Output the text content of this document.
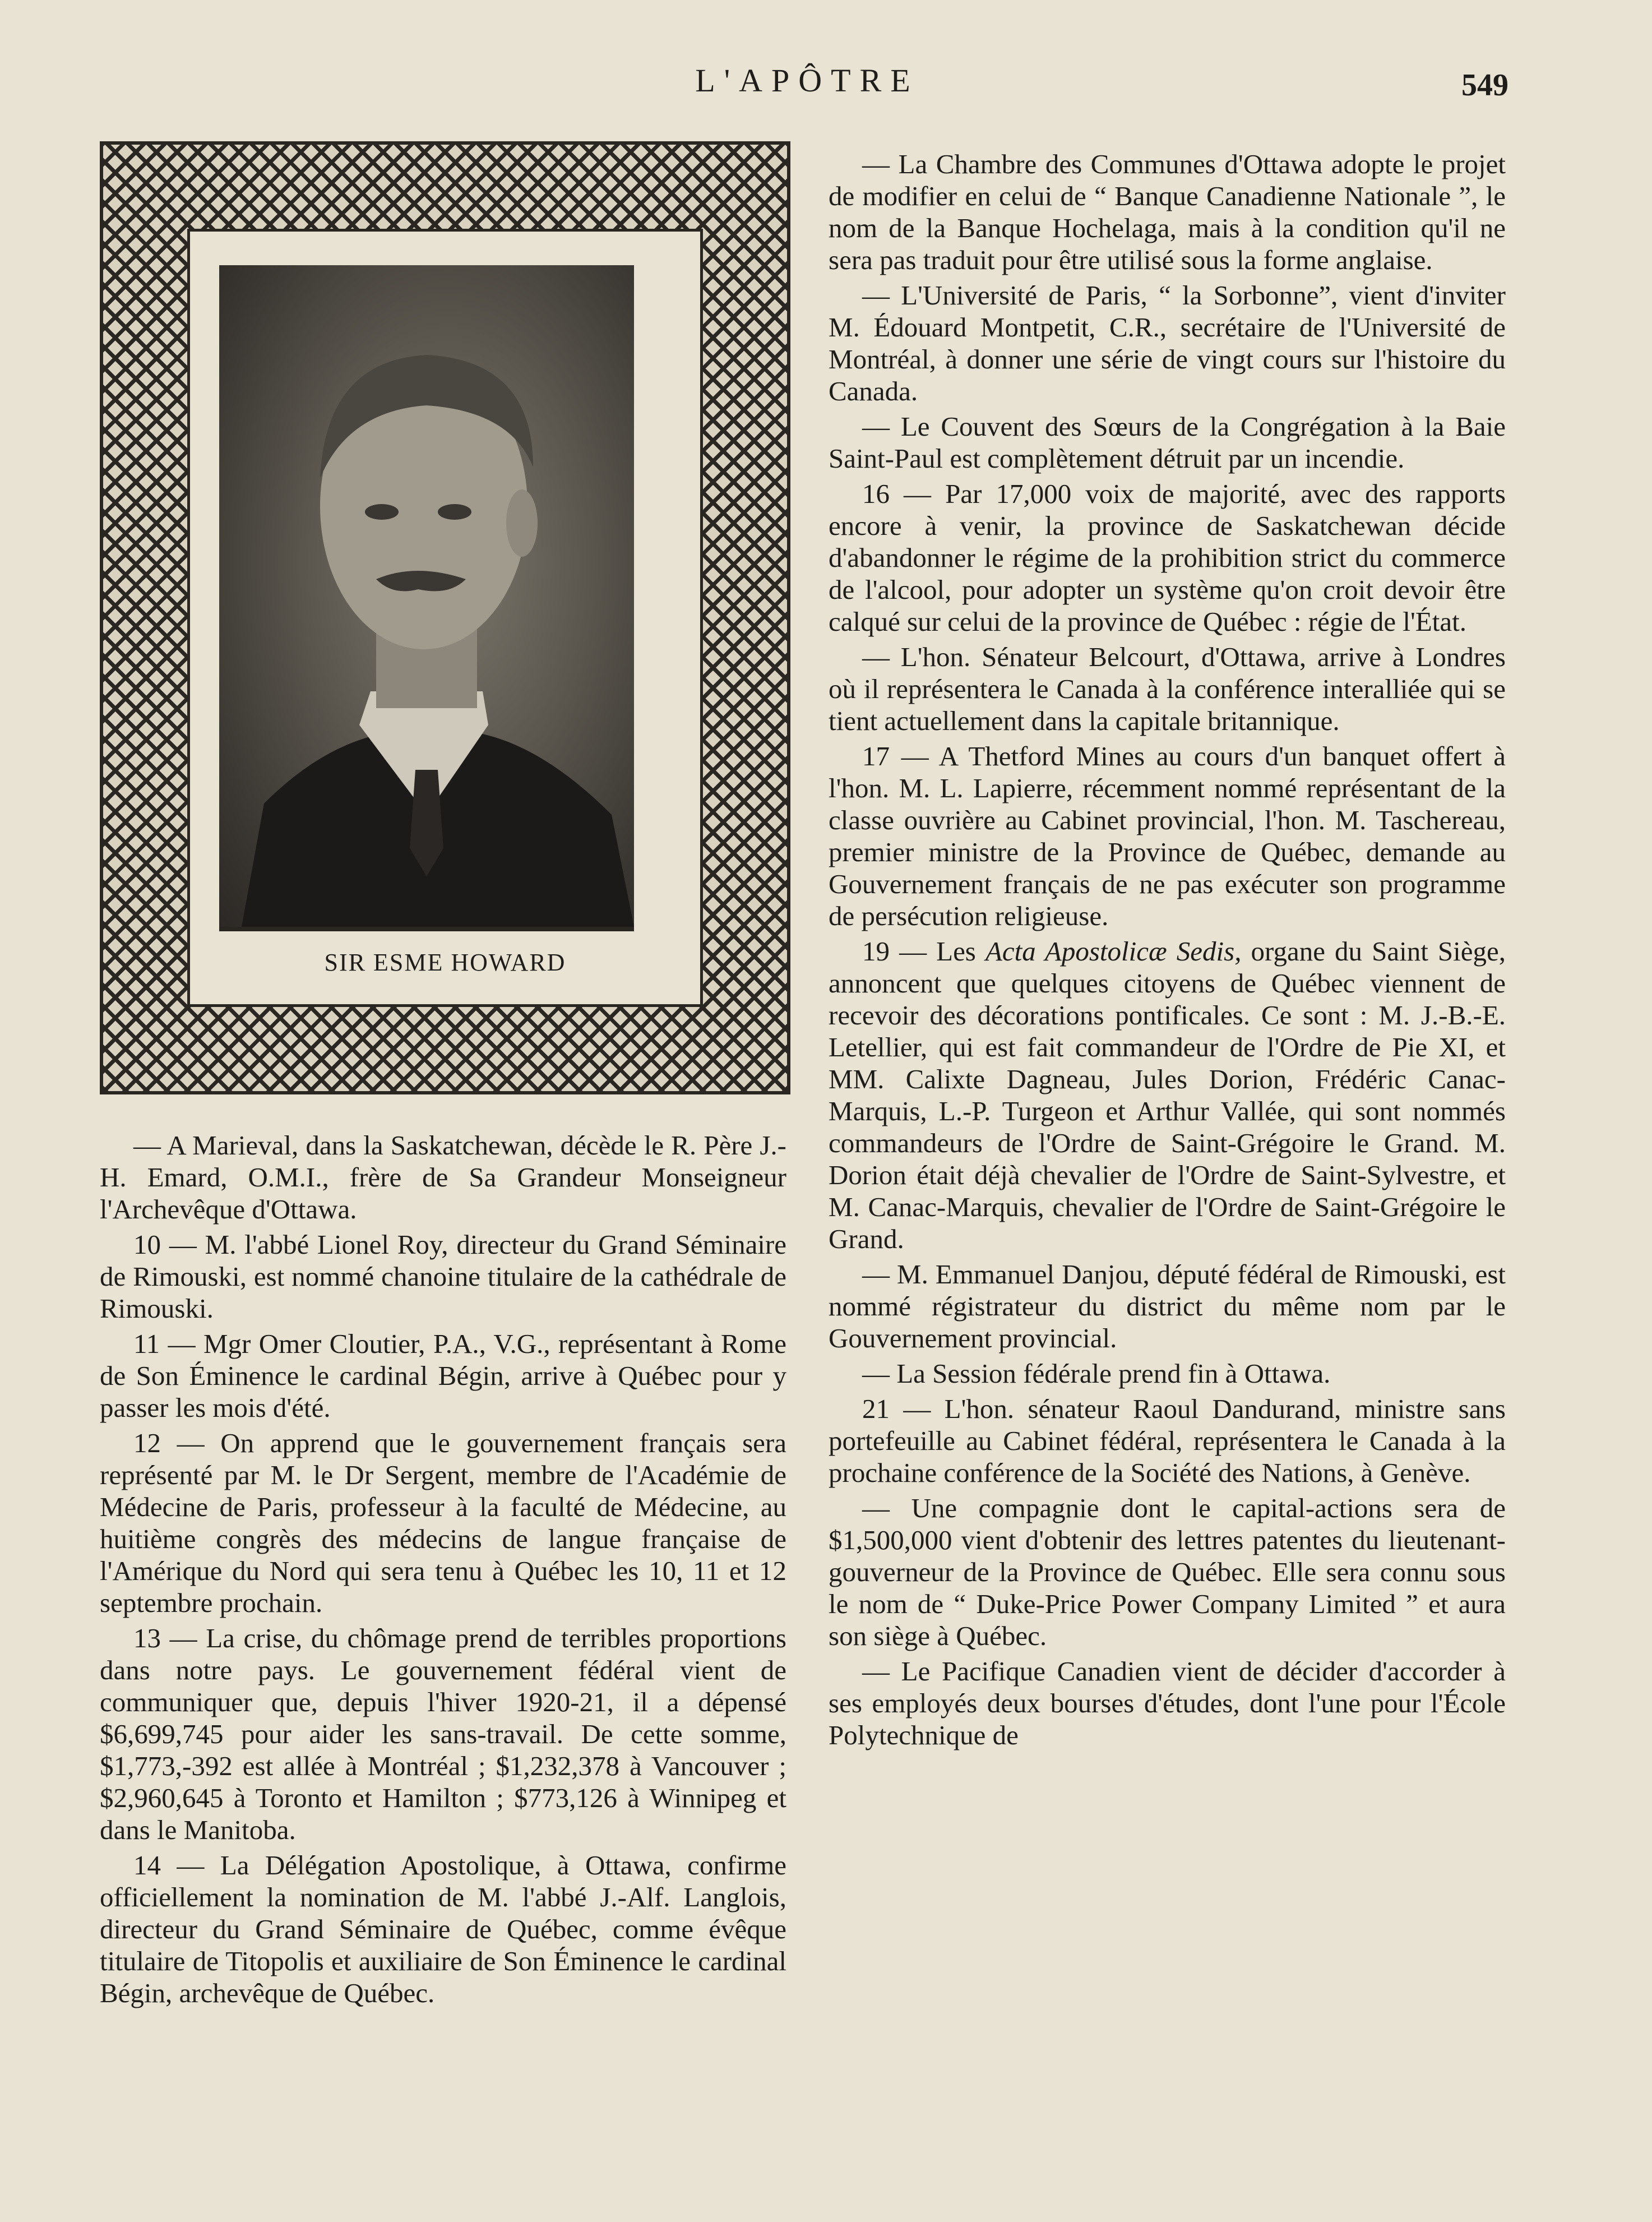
L'APÔTRE	549
SIR ESME HOWARD

— A Marieval, dans la Saskatchewan, décède le R. Père J.-H. Emard, O.M.I., frère de Sa Grandeur Monseigneur l'Archevêque d'Ottawa.

10 — M. l'abbé Lionel Roy, directeur du Grand Séminaire de Rimouski, est nommé chanoine titulaire de la cathédrale de Rimouski.

11 — Mgr Omer Cloutier, P.A., V.G., représentant à Rome de Son Éminence le cardinal Bégin, arrive à Québec pour y passer les mois d'été.

12 — On apprend que le gouvernement français sera représenté par M. le Dr Sergent, membre de l'Académie de Médecine de Paris, professeur à la faculté de Médecine, au huitième congrès des médecins de langue française de l'Amérique du Nord qui sera tenu à Québec les 10, 11 et 12 septembre prochain.

13 — La crise, du chômage prend de terribles proportions dans notre pays. Le gouvernement fédéral vient de communiquer que, depuis l'hiver 1920-21, il a dépensé $6,699,745 pour aider les sans-travail. De cette somme, $1,773,-392 est allée à Montréal ; $1,232,378 à Vancouver ; $2,960,645 à Toronto et Hamilton ; $773,126 à Winnipeg et dans le Manitoba.

14 — La Délégation Apostolique, à Ottawa, confirme officiellement la nomination de M. l'abbé J.-Alf. Langlois, directeur du Grand Séminaire de Québec, comme évêque titulaire de Titopolis et auxiliaire de Son Éminence le cardinal Bégin, archevêque de Québec.

— La Chambre des Communes d'Ottawa adopte le projet de modifier en celui de “ Banque Canadienne Nationale ”, le nom de la Banque Hochelaga, mais à la condition qu'il ne sera pas traduit pour être utilisé sous la forme anglaise.

— L'Université de Paris, “ la Sorbonne”, vient d'inviter M. Édouard Montpetit, C.R., secrétaire de l'Université de Montréal, à donner une série de vingt cours sur l'histoire du Canada.

— Le Couvent des Sœurs de la Congrégation à la Baie Saint-Paul est complètement détruit par un incendie.

16 — Par 17,000 voix de majorité, avec des rapports encore à venir, la province de Saskatchewan décide d'abandonner le régime de la prohibition strict du commerce de l'alcool, pour adopter un système qu'on croit devoir être calqué sur celui de la province de Québec : régie de l'État.

— L'hon. Sénateur Belcourt, d'Ottawa, arrive à Londres où il représentera le Canada à la conférence interalliée qui se tient actuellement dans la capitale britannique.

17 — A Thetford Mines au cours d'un banquet offert à l'hon. M. L. Lapierre, récemment nommé représentant de la classe ouvrière au Cabinet provincial, l'hon. M. Taschereau, premier ministre de la Province de Québec, demande au Gouvernement français de ne pas exécuter son programme de persécution religieuse.

19 — Les Acta Apostolicæ Sedis, organe du Saint Siège, annoncent que quelques citoyens de Québec viennent de recevoir des décorations pontificales. Ce sont : M. J.-B.-E. Letellier, qui est fait commandeur de l'Ordre de Pie XI, et MM. Calixte Dagneau, Jules Dorion, Frédéric Canac-Marquis, L.-P. Turgeon et Arthur Vallée, qui sont nommés commandeurs de l'Ordre de Saint-Grégoire le Grand. M. Dorion était déjà chevalier de l'Ordre de Saint-Sylvestre, et M. Canac-Marquis, chevalier de l'Ordre de Saint-Grégoire le Grand.

— M. Emmanuel Danjou, député fédéral de Rimouski, est nommé régistrateur du district du même nom par le Gouvernement provincial.

— La Session fédérale prend fin à Ottawa.

21 — L'hon. sénateur Raoul Dandurand, ministre sans portefeuille au Cabinet fédéral, représentera le Canada à la prochaine conférence de la Société des Nations, à Genève.

— Une compagnie dont le capital-actions sera de $1,500,000 vient d'obtenir des lettres patentes du lieutenant-gouverneur de la Province de Québec. Elle sera connu sous le nom de “ Duke-Price Power Company Limited ” et aura son siège à Québec.

— Le Pacifique Canadien vient de décider d'accorder à ses employés deux bourses d'études, dont l'une pour l'École Polytechnique de
